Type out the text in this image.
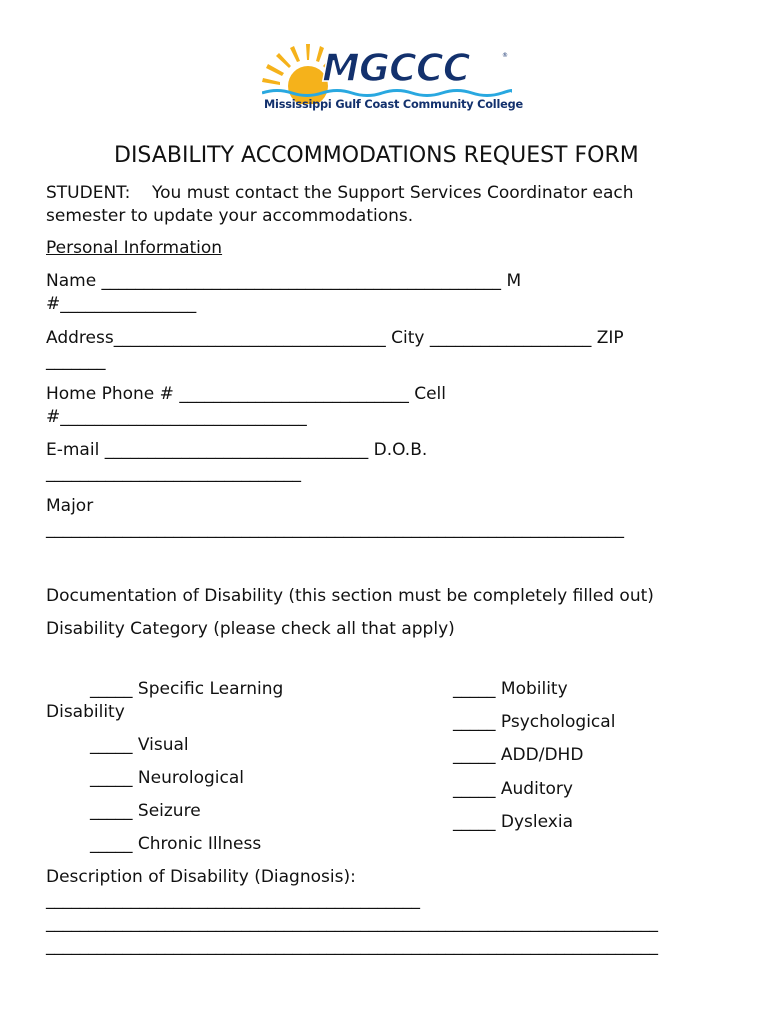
MGCCC	®
Mississippi Gulf Coast Community College
DISABILITY ACCOMMODATIONS REQUEST FORM
STUDENT:    You must contact the Support Services Coordinator each
semester to update your accommodations.
Personal Information
Name _______________________________________________ M
#________________
Address________________________________ City ___________________ ZIP
_______
Home Phone # ___________________________ Cell
#_____________________________
E-mail _______________________________ D.O.B.
______________________________
Major
____________________________________________________________________
Documentation of Disability (this section must be completely filled out)
Disability Category (please check all that apply)
_____ Specific Learning
Disability
_____ Visual
_____ Neurological
_____ Seizure
_____ Chronic Illness
_____ Mobility
_____ Psychological
_____ ADD/DHD
_____ Auditory
_____ Dyslexia
Description of Disability (Diagnosis):
____________________________________________
________________________________________________________________________
________________________________________________________________________
